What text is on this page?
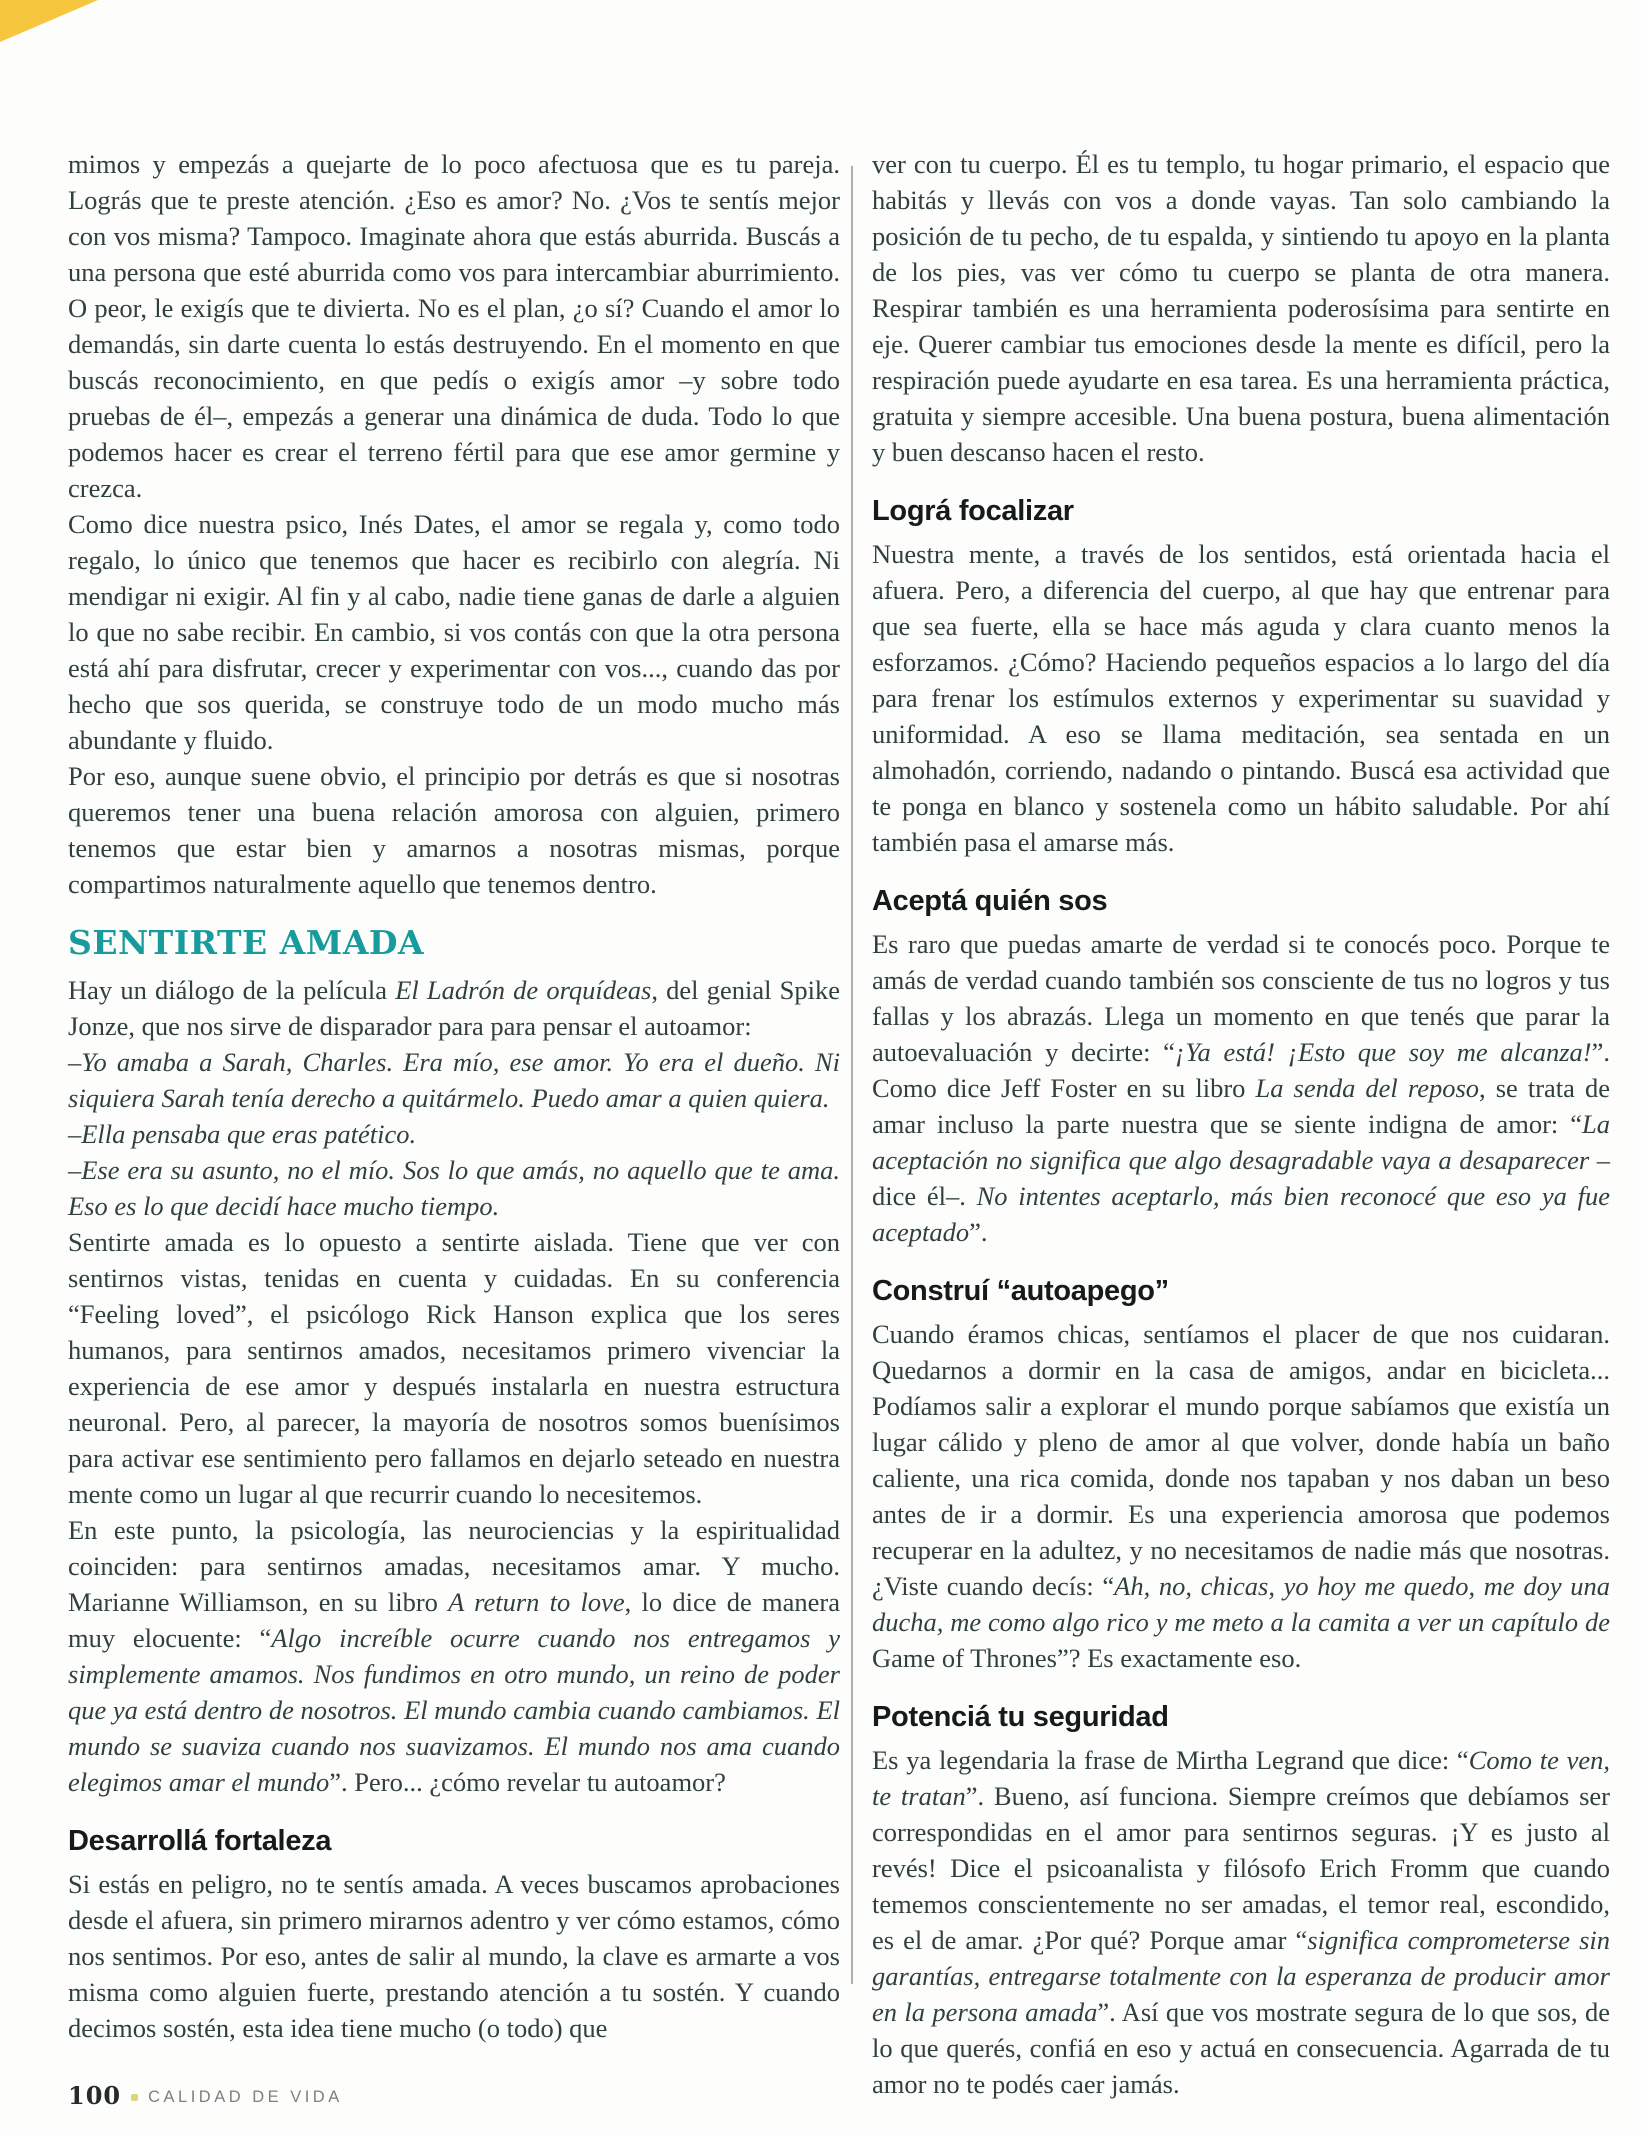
mimos y empezás a quejarte de lo poco afectuosa que es tu pareja. Lográs que te preste atención. ¿Eso es amor? No. ¿Vos te sentís mejor con vos misma? Tampoco. Imaginate ahora que estás aburrida. Buscás a una persona que esté aburrida como vos para intercambiar aburrimiento. O peor, le exigís que te divierta. No es el plan, ¿o sí? Cuando el amor lo demandás, sin darte cuenta lo estás destruyendo. En el momento en que buscás reconocimiento, en que pedís o exigís amor –y sobre todo pruebas de él–, empezás a generar una dinámica de duda. Todo lo que podemos hacer es crear el terreno fértil para que ese amor germine y crezca.

Como dice nuestra psico, Inés Dates, el amor se regala y, como todo regalo, lo único que tenemos que hacer es recibirlo con alegría. Ni mendigar ni exigir. Al fin y al cabo, nadie tiene ganas de darle a alguien lo que no sabe recibir. En cambio, si vos contás con que la otra persona está ahí para disfrutar, crecer y experimentar con vos..., cuando das por hecho que sos querida, se construye todo de un modo mucho más abundante y fluido.

Por eso, aunque suene obvio, el principio por detrás es que si nosotras queremos tener una buena relación amorosa con alguien, primero tenemos que estar bien y amarnos a nosotras mismas, porque compartimos naturalmente aquello que tenemos dentro.

SENTIRTE AMADA

Hay un diálogo de la película El Ladrón de orquídeas, del genial Spike Jonze, que nos sirve de disparador para para pensar el autoamor:

–Yo amaba a Sarah, Charles. Era mío, ese amor. Yo era el dueño. Ni siquiera Sarah tenía derecho a quitármelo. Puedo amar a quien quiera.

–Ella pensaba que eras patético.

–Ese era su asunto, no el mío. Sos lo que amás, no aquello que te ama. Eso es lo que decidí hace mucho tiempo.

Sentirte amada es lo opuesto a sentirte aislada. Tiene que ver con sentirnos vistas, tenidas en cuenta y cuidadas. En su conferencia “Feeling loved”, el psicólogo Rick Hanson explica que los seres humanos, para sentirnos amados, necesitamos primero vivenciar la experiencia de ese amor y después instalarla en nuestra estructura neuronal. Pero, al parecer, la mayoría de nosotros somos buenísimos para activar ese sentimiento pero fallamos en dejarlo seteado en nuestra mente como un lugar al que recurrir cuando lo necesitemos.

En este punto, la psicología, las neurociencias y la espiritualidad coinciden: para sentirnos amadas, necesitamos amar. Y mucho. Marianne Williamson, en su libro A return to love, lo dice de manera muy elocuente: “Algo increíble ocurre cuando nos entregamos y simplemente amamos. Nos fundimos en otro mundo, un reino de poder que ya está dentro de nosotros. El mundo cambia cuando cambiamos. El mundo se suaviza cuando nos suavizamos. El mundo nos ama cuando elegimos amar el mundo”. Pero... ¿cómo revelar tu autoamor?

Desarrollá fortaleza

Si estás en peligro, no te sentís amada. A veces buscamos aprobaciones desde el afuera, sin primero mirarnos adentro y ver cómo estamos, cómo nos sentimos. Por eso, antes de salir al mundo, la clave es armarte a vos misma como alguien fuerte, prestando atención a tu sostén. Y cuando decimos sostén, esta idea tiene mucho (o todo) que

ver con tu cuerpo. Él es tu templo, tu hogar primario, el espacio que habitás y llevás con vos a donde vayas. Tan solo cambiando la posición de tu pecho, de tu espalda, y sintiendo tu apoyo en la planta de los pies, vas ver cómo tu cuerpo se planta de otra manera. Respirar también es una herramienta poderosísima para sentirte en eje. Querer cambiar tus emociones desde la mente es difícil, pero la respiración puede ayudarte en esa tarea. Es una herramienta práctica, gratuita y siempre accesible. Una buena postura, buena alimentación y buen descanso hacen el resto.

Lográ focalizar

Nuestra mente, a través de los sentidos, está orientada hacia el afuera. Pero, a diferencia del cuerpo, al que hay que entrenar para que sea fuerte, ella se hace más aguda y clara cuanto menos la esforzamos. ¿Cómo? Haciendo pequeños espacios a lo largo del día para frenar los estímulos externos y experimentar su suavidad y uniformidad. A eso se llama meditación, sea sentada en un almohadón, corriendo, nadando o pintando. Buscá esa actividad que te ponga en blanco y sostenela como un hábito saludable. Por ahí también pasa el amarse más.

Aceptá quién sos

Es raro que puedas amarte de verdad si te conocés poco. Porque te amás de verdad cuando también sos consciente de tus no logros y tus fallas y los abrazás. Llega un momento en que tenés que parar la autoevaluación y decirte: “¡Ya está! ¡Esto que soy me alcanza!”. Como dice Jeff Foster en su libro La senda del reposo, se trata de amar incluso la parte nuestra que se siente indigna de amor: “La aceptación no significa que algo desagradable vaya a desaparecer –dice él–. No intentes aceptarlo, más bien reconocé que eso ya fue aceptado”.

Construí “autoapego”

Cuando éramos chicas, sentíamos el placer de que nos cuidaran. Quedarnos a dormir en la casa de amigos, andar en bicicleta... Podíamos salir a explorar el mundo porque sabíamos que existía un lugar cálido y pleno de amor al que volver, donde había un baño caliente, una rica comida, donde nos tapaban y nos daban un beso antes de ir a dormir. Es una experiencia amorosa que podemos recuperar en la adultez, y no necesitamos de nadie más que nosotras. ¿Viste cuando decís: “Ah, no, chicas, yo hoy me quedo, me doy una ducha, me como algo rico y me meto a la camita a ver un capítulo de Game of Thrones”? Es exactamente eso.

Potenciá tu seguridad

Es ya legendaria la frase de Mirtha Legrand que dice: “Como te ven, te tratan”. Bueno, así funciona. Siempre creímos que debíamos ser correspondidas en el amor para sentirnos seguras. ¡Y es justo al revés! Dice el psicoanalista y filósofo Erich Fromm que cuando tememos conscientemente no ser amadas, el temor real, escondido, es el de amar. ¿Por qué? Porque amar “significa comprometerse sin garantías, entregarse totalmente con la esperanza de producir amor en la persona amada”. Así que vos mostrate segura de lo que sos, de lo que querés, confiá en eso y actuá en consecuencia. Agarrada de tu amor no te podés caer jamás.

100 CALIDAD DE VIDA
